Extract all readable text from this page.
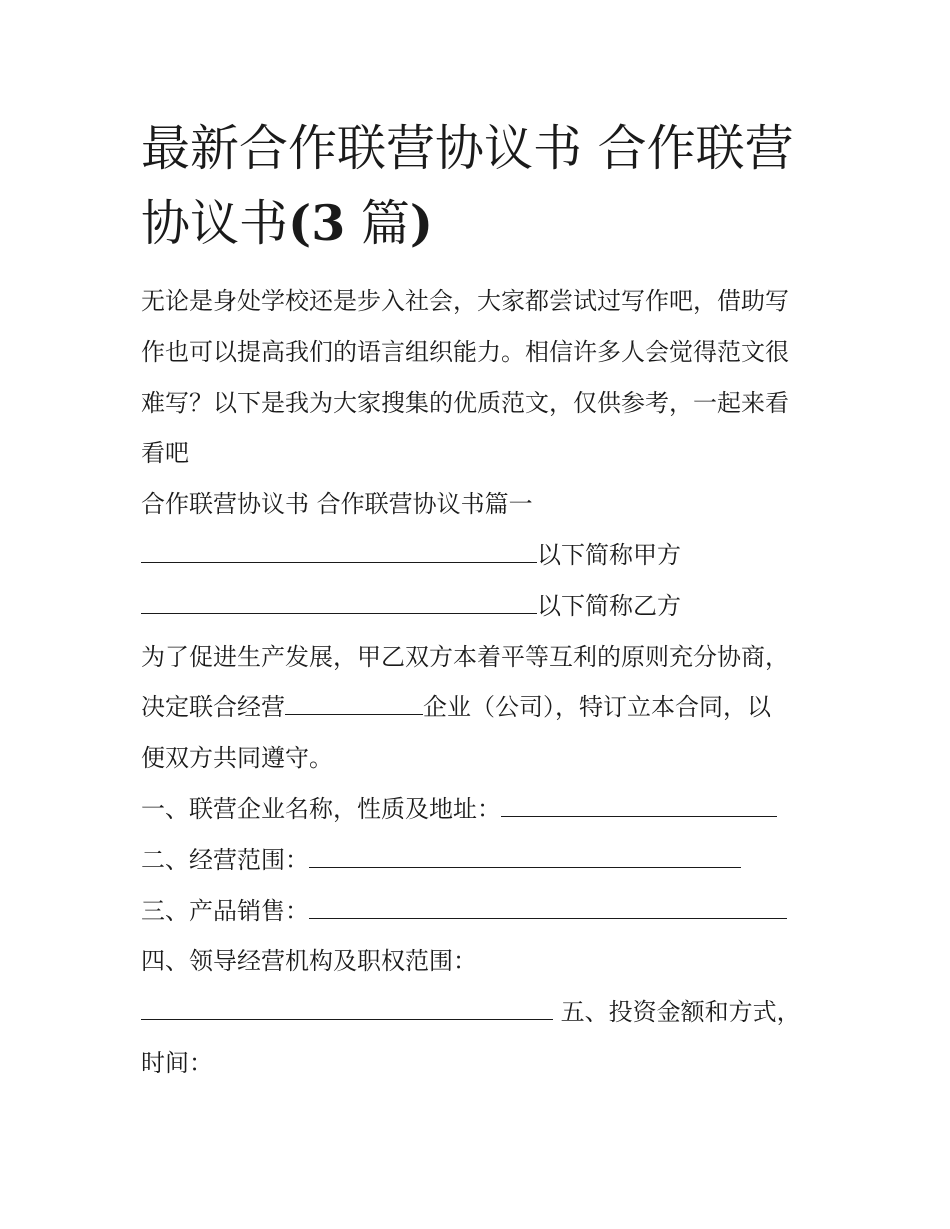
最新合作联营协议书 合作联营
协议书(3 篇)
无论是身处学校还是步入社会，大家都尝试过写作吧，借助写
作也可以提高我们的语言组织能力。相信许多人会觉得范文很
难写？以下是我为大家搜集的优质范文，仅供参考，一起来看
看吧
合作联营协议书 合作联营协议书篇一
以下简称甲方
以下简称乙方
为了促进生产发展，甲乙双方本着平等互利的原则充分协商，
决定联合经营	企业（公司），特订立本合同，以
便双方共同遵守。
一、联营企业名称，性质及地址：
二、经营范围：
三、产品销售：
四、领导经营机构及职权范围：
五、投资金额和方式，
时间：
